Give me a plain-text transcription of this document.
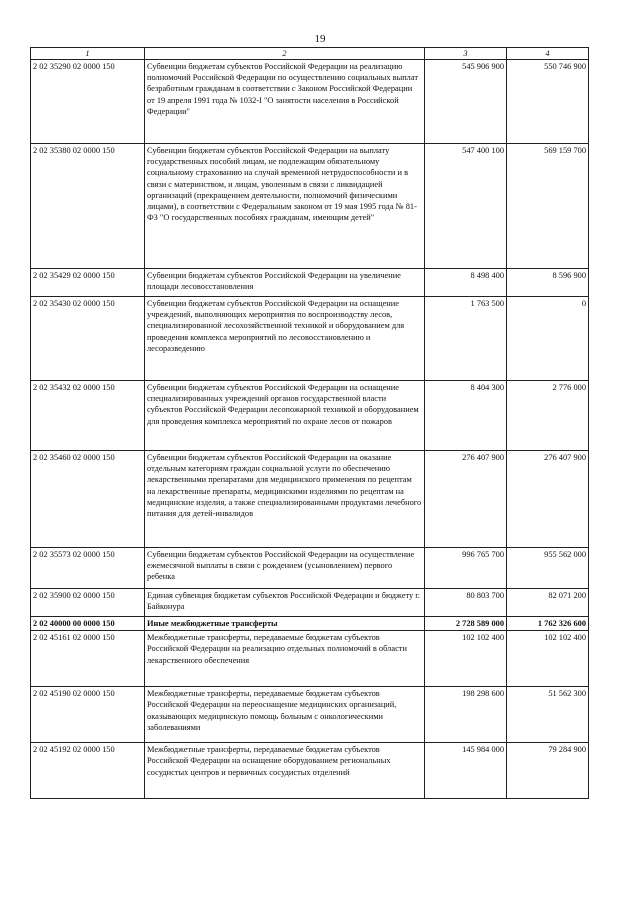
19
1	2	3	4
2 02 35290 02 0000 150	Субвенции бюджетам субъектов Российской Федерации на реализацию полномочий Российской Федерации по осуществлению социальных выплат безработным гражданам в соответствии с Законом Российской Федерации от 19 апреля 1991 года № 1032-I "О занятости населения в Российской Федерации"	545 906 900	550 746 900
2 02 35380 02 0000 150	Субвенции бюджетам субъектов Российской Федерации на выплату государственных пособий лицам, не подлежащим обязательному социальному страхованию на случай временной нетрудоспособности и в связи с материнством, и лицам, уволенным в связи с ликвидацией организаций (прекращением деятельности, полномочий физическими лицами), в соответствии с Федеральным законом от 19 мая 1995 года № 81-ФЗ "О государственных пособиях гражданам, имеющим детей"	547 400 100	569 159 700
2 02 35429 02 0000 150	Субвенции бюджетам субъектов Российской Федерации на увеличение площади лесовосстановления	8 498 400	8 596 900
2 02 35430 02 0000 150	Субвенции бюджетам субъектов Российской Федерации на оснащение учреждений, выполняющих мероприятия по воспроизводству лесов, специализированной лесохозяйственной техникой и оборудованием для проведения комплекса мероприятий по лесовосстановлению и лесоразведению	1 763 500	0
2 02 35432 02 0000 150	Субвенции бюджетам субъектов Российской Федерации на оснащение специализированных учреждений органов государственной власти субъектов Российской Федерации лесопожарной техникой и оборудованием для проведения комплекса мероприятий по охране лесов от пожаров	8 404 300	2 776 000
2 02 35460 02 0000 150	Субвенции бюджетам субъектов Российской Федерации на оказание отдельным категориям граждан социальной услуги по обеспечению лекарственными препаратами для медицинского применения по рецептам на лекарственные препараты, медицинскими изделиями по рецептам на медицинские изделия, а также специализированными продуктами лечебного питания для детей-инвалидов	276 407 900	276 407 900
2 02 35573 02 0000 150	Субвенции бюджетам субъектов Российской Федерации на осуществление ежемесячной выплаты в связи с рождением (усыновлением) первого ребенка	996 765 700	955 562 000
2 02 35900 02 0000 150	Единая субвенция бюджетам субъектов Российской Федерации и бюджету г. Байконура	80 803 700	82 071 200
2 02 40000 00 0000 150	Иные межбюджетные трансферты	2 728 589 000	1 762 326 600
2 02 45161 02 0000 150	Межбюджетные трансферты, передаваемые бюджетам субъектов Российской Федерации на реализацию отдельных полномочий в области лекарственного обеспечения	102 102 400	102 102 400
2 02 45190 02 0000 150	Межбюджетные трансферты, передаваемые бюджетам субъектов Российской Федерации на переоснащение медицинских организаций, оказывающих медицинскую помощь больным с онкологическими заболеваниями	198 298 600	51 562 300
2 02 45192 02 0000 150	Межбюджетные трансферты, передаваемые бюджетам субъектов Российской Федерации на оснащение оборудованием региональных сосудистых центров и первичных сосудистых отделений	145 984 000	79 284 900
